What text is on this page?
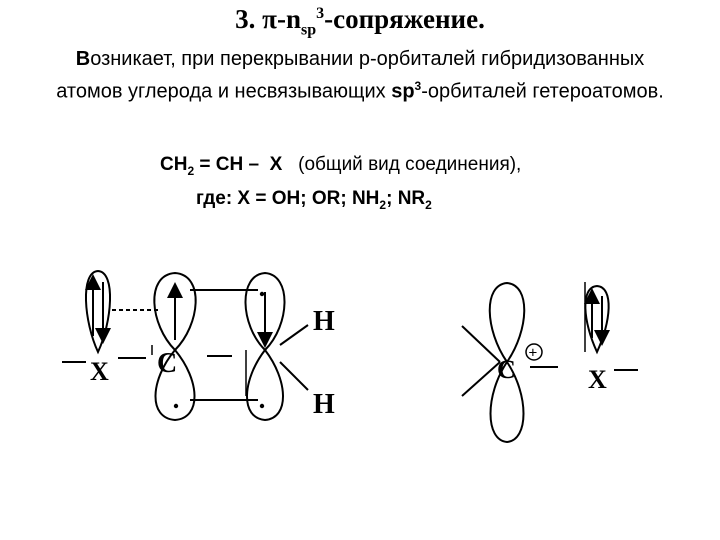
3. $\pi-n_{sp}^3$-сопряжение.
Возникает, при перекрывании р-орбиталей гибридизованных атомов углерода и несвязывающих $sp^3$-орбиталей гетероатомов.
$CH_2$ = CH –  X (общий вид соединения),
где: X = OH; OR; $NH_2$; $NR_2$
X C
H
H
C
+
X
